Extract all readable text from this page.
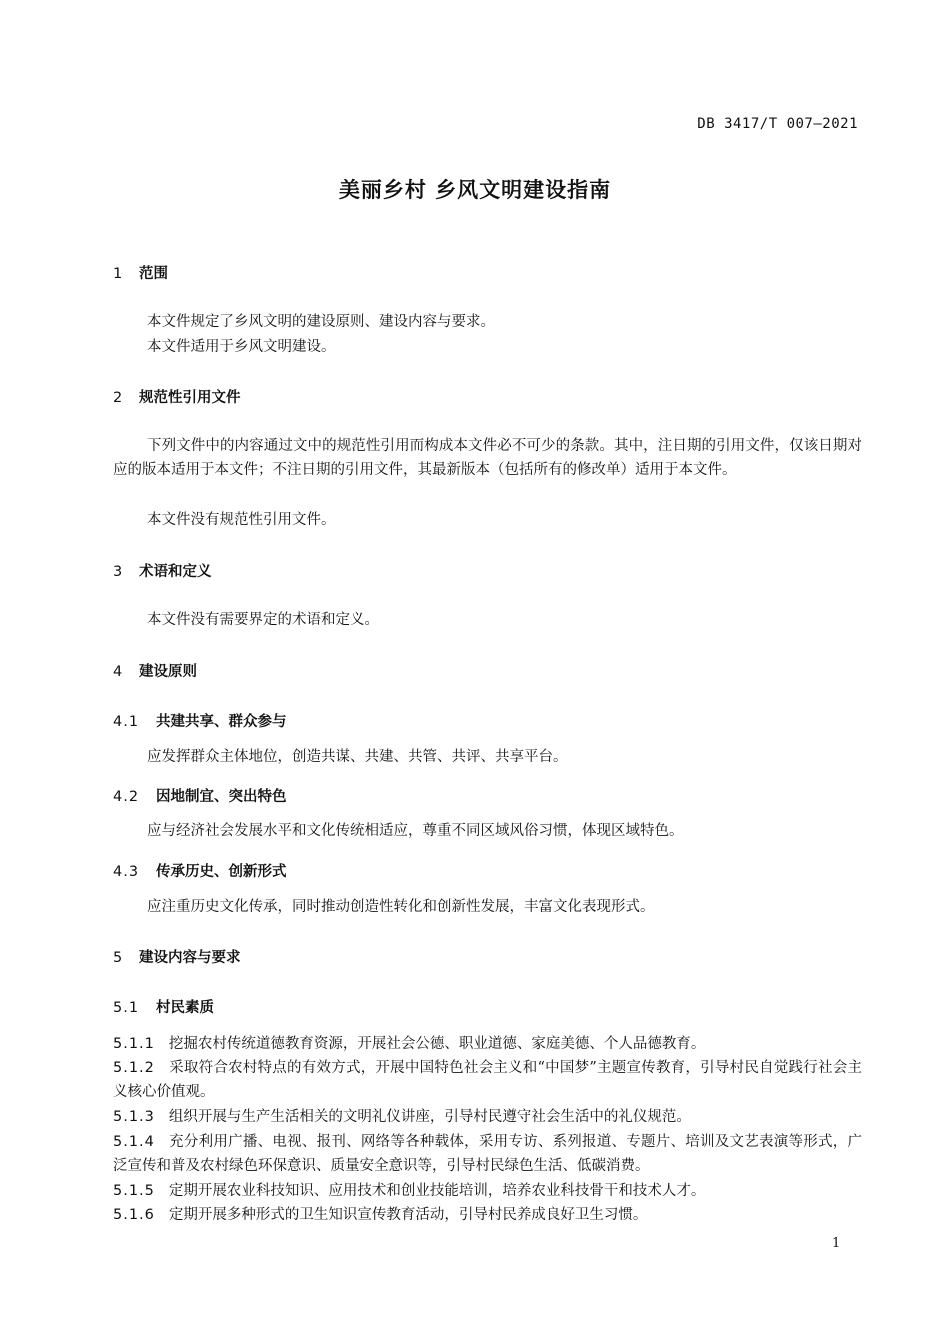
DB 3417/T 007—2021
美丽乡村 乡风文明建设指南
1 范围
本文件规定了乡风文明的建设原则、建设内容与要求。
本文件适用于乡风文明建设。
2 规范性引用文件
下列文件中的内容通过文中的规范性引用而构成本文件必不可少的条款。其中，注日期的引用文件，仅该日期对应的版本适用于本文件；不注日期的引用文件，其最新版本（包括所有的修改单）适用于本文件。
本文件没有规范性引用文件。
3 术语和定义
本文件没有需要界定的术语和定义。
4 建设原则
4.1 共建共享、群众参与
应发挥群众主体地位，创造共谋、共建、共管、共评、共享平台。
4.2 因地制宜、突出特色
应与经济社会发展水平和文化传统相适应，尊重不同区域风俗习惯，体现区域特色。
4.3 传承历史、创新形式
应注重历史文化传承，同时推动创造性转化和创新性发展，丰富文化表现形式。
5 建设内容与要求
5.1 村民素质
5.1.1 挖掘农村传统道德教育资源，开展社会公德、职业道德、家庭美德、个人品德教育。
5.1.2 采取符合农村特点的有效方式，开展中国特色社会主义和“中国梦”主题宣传教育，引导村民自觉践行社会主义核心价值观。
5.1.3 组织开展与生产生活相关的文明礼仪讲座，引导村民遵守社会生活中的礼仪规范。
5.1.4 充分利用广播、电视、报刊、网络等各种载体，采用专访、系列报道、专题片、培训及文艺表演等形式，广泛宣传和普及农村绿色环保意识、质量安全意识等，引导村民绿色生活、低碳消费。
5.1.5 定期开展农业科技知识、应用技术和创业技能培训，培养农业科技骨干和技术人才。
5.1.6 定期开展多种形式的卫生知识宣传教育活动，引导村民养成良好卫生习惯。
1
